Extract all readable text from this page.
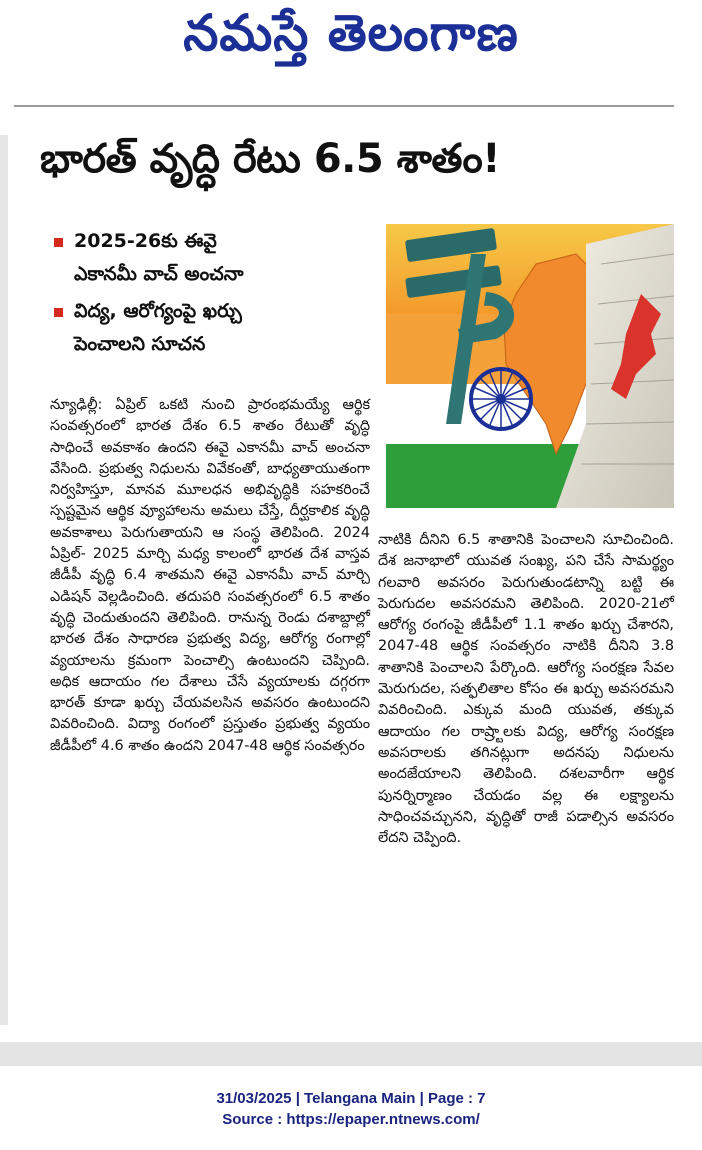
నమస్తే తెలంగాణ
భారత్‌ వృద్ధి రేటు 6.5 శాతం!
2025-26కు ఈవై
ఎకానమీ వాచ్‌ అంచనా
విద్య, ఆరోగ్యంపై ఖర్చు
పెంచాలని సూచన

న్యూఢిల్లీ: ఏప్రిల్‌ ఒకటి నుంచి ప్రారంభమయ్యే ఆర్థిక సంవత్సరంలో భారత దేశం 6.5 శాతం రేటుతో వృద్ధి సాధించే అవకాశం ఉందని ఈవై ఎకానమీ వాచ్‌ అంచనా వేసింది. ప్రభుత్వ నిధులను వివేకంతో, బాధ్యతాయుతంగా నిర్వహిస్తూ, మానవ మూలధన అభివృద్ధికి సహకరించే స్పష్టమైన ఆర్థిక వ్యూహాలను అమలు చేస్తే, దీర్ఘకాలిక వృద్ధి అవకాశాలు పెరుగుతాయని ఆ సంస్థ తెలిపింది. 2024 ఏప్రిల్‌- 2025 మార్చి మధ్య కాలంలో భారత దేశ వాస్తవ జీడీపీ వృద్ధి 6.4 శాతమని ఈవై ఎకానమీ వాచ్‌ మార్చి ఎడిషన్‌ వెల్లడించింది. తదుపరి సంవత్సరంలో 6.5 శాతం వృద్ధి చెందుతుందని తెలిపింది. రానున్న రెండు దశాబ్దాల్లో భారత దేశం సాధారణ ప్రభుత్వ విద్య, ఆరోగ్య రంగాల్లో వ్యయాలను క్రమంగా పెంచాల్సి ఉంటుందని చెప్పింది. అధిక ఆదాయం గల దేశాలు చేసే వ్యయాలకు దగ్గరగా భారత్‌ కూడా ఖర్చు చేయవలసిన అవసరం ఉంటుందని వివరించింది. విద్యా రంగంలో ప్రస్తుతం ప్రభుత్వ వ్యయం జీడీపీలో 4.6 శాతం ఉందని 2047-48 ఆర్థిక సంవత్సరం

నాటికి దీనిని 6.5 శాతానికి పెంచాలని సూచించింది. దేశ జనాభాలో యువత సంఖ్య, పని చేసే సామర్థ్యం గలవారి అవసరం పెరుగుతుండటాన్ని బట్టి ఈ పెరుగుదల అవసరమని తెలిపింది. 2020-21లో ఆరోగ్య రంగంపై జీడీపీలో 1.1 శాతం ఖర్చు చేశారని, 2047-48 ఆర్థిక సంవత్సరం నాటికి దీనిని 3.8 శాతానికి పెంచాలని పేర్కొంది. ఆరోగ్య సంరక్షణ సేవల మెరుగుదల, సత్ఫలితాల కోసం ఈ ఖర్చు అవసరమని వివరించింది. ఎక్కువ మంది యువత, తక్కువ ఆదాయం గల రాష్ర్టాలకు విద్య, ఆరోగ్య సంరక్షణ అవసరాలకు తగినట్లుగా అదనపు నిధులను అందజేయాలని తెలిపింది. దశలవారీగా ఆర్థిక పునర్నిర్మాణం చేయడం వల్ల ఈ లక్ష్యాలను సాధించవచ్చునని, వృద్ధితో రాజీ పడాల్సిన అవసరం లేదని చెప్పింది.

31/03/2025 | Telangana Main | Page : 7
Source : https://epaper.ntnews.com/
